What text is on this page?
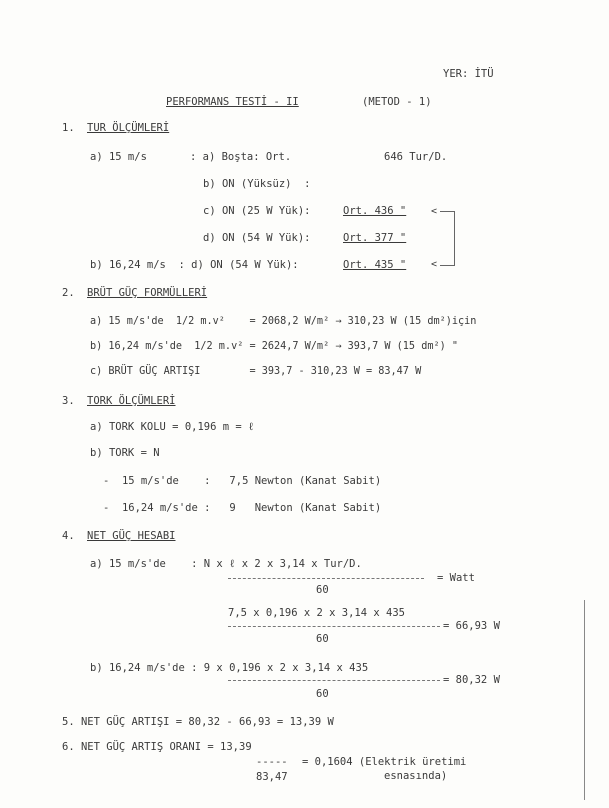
YER: İTÜ
PERFORMANS TESTİ - II	(METOD - 1)
1. TUR ÖLÇÜMLERİ
a) 15 m/s	: a) Boşta: Ort.	646 Tur/D.
b) ON (Yüksüz)  :
c) ON (25 W Yük):	Ort. 436 "
d) ON (54 W Yük):	Ort. 377 "
b) 16,24 m/s  : d) ON (54 W Yük):	Ort. 435 "
<
<
2. BRÜT GÜÇ FORMÜLLERİ
a) 15 m/s'de  1/2 m.v²    = 2068,2 W/m² → 310,23 W (15 dm²)için
b) 16,24 m/s'de  1/2 m.v² = 2624,7 W/m² → 393,7 W (15 dm²) "
c) BRÜT GÜÇ ARTIŞI        = 393,7 - 310,23 W = 83,47 W
3. TORK ÖLÇÜMLERİ
a) TORK KOLU = 0,196 m = ℓ
b) TORK = N
-  15 m/s'de    :   7,5 Newton (Kanat Sabit)
-  16,24 m/s'de :   9   Newton (Kanat Sabit)
4. NET GÜÇ HESABI
a) 15 m/s'de    : N x ℓ x 2 x 3,14 x Tur/D.
= Watt
60
7,5 x 0,196 x 2 x 3,14 x 435
= 66,93 W
60
b) 16,24 m/s'de : 9 x 0,196 x 2 x 3,14 x 435
= 80,32 W
60
5. NET GÜÇ ARTIŞI = 80,32 - 66,93 = 13,39 W
6. NET GÜÇ ARTIŞ ORANI = 13,39
----- = 0,1604 (Elektrik üretimi
83,47	esnasında)
